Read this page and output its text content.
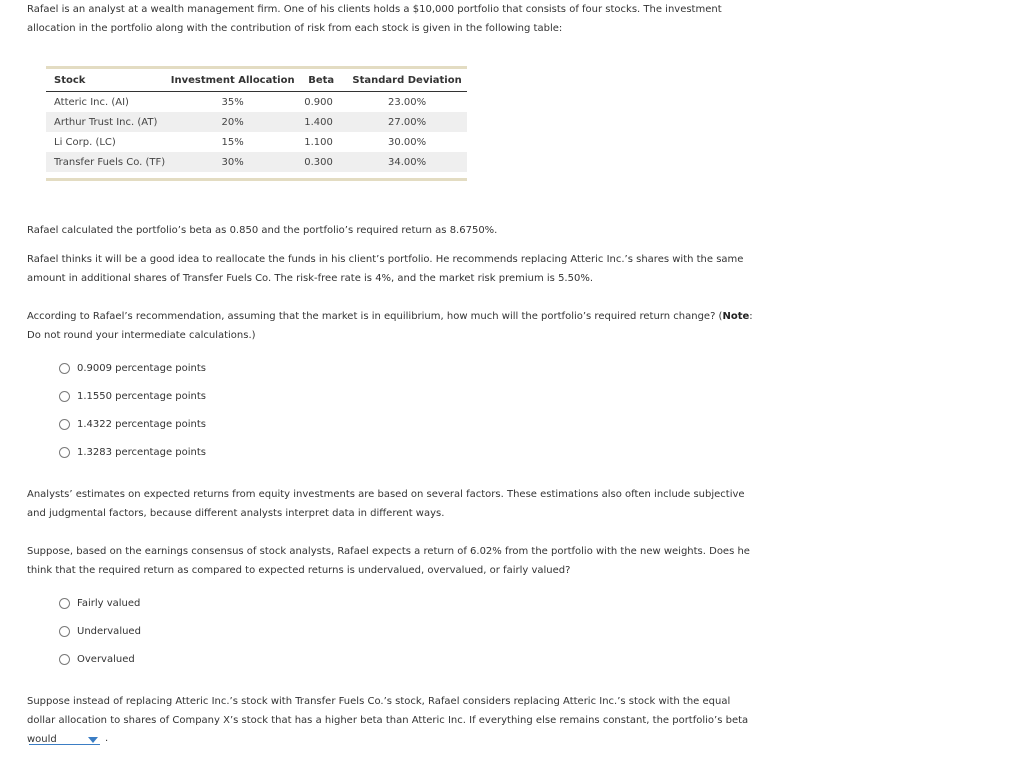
Rafael is an analyst at a wealth management firm. One of his clients holds a $10,000 portfolio that consists of four stocks. The investment allocation in the portfolio along with the contribution of risk from each stock is given in the following table:

Stock	Investment Allocation	Beta	Standard Deviation
Atteric Inc. (AI)	35%	0.900	23.00%
Arthur Trust Inc. (AT)	20%	1.400	27.00%
Li Corp. (LC)	15%	1.100	30.00%
Transfer Fuels Co. (TF)	30%	0.300	34.00%

Rafael calculated the portfolio’s beta as 0.850 and the portfolio’s required return as 8.6750%.

Rafael thinks it will be a good idea to reallocate the funds in his client’s portfolio. He recommends replacing Atteric Inc.’s shares with the same amount in additional shares of Transfer Fuels Co. The risk-free rate is 4%, and the market risk premium is 5.50%.

According to Rafael’s recommendation, assuming that the market is in equilibrium, how much will the portfolio’s required return change? (Note: Do not round your intermediate calculations.)

0.9009 percentage points
1.1550 percentage points
1.4322 percentage points
1.3283 percentage points

Analysts’ estimates on expected returns from equity investments are based on several factors. These estimations also often include subjective and judgmental factors, because different analysts interpret data in different ways.

Suppose, based on the earnings consensus of stock analysts, Rafael expects a return of 6.02% from the portfolio with the new weights. Does he think that the required return as compared to expected returns is undervalued, overvalued, or fairly valued?

Fairly valued
Undervalued
Overvalued

Suppose instead of replacing Atteric Inc.’s stock with Transfer Fuels Co.’s stock, Rafael considers replacing Atteric Inc.’s stock with the equal dollar allocation to shares of Company X’s stock that has a higher beta than Atteric Inc. If everything else remains constant, the portfolio’s beta would	.
